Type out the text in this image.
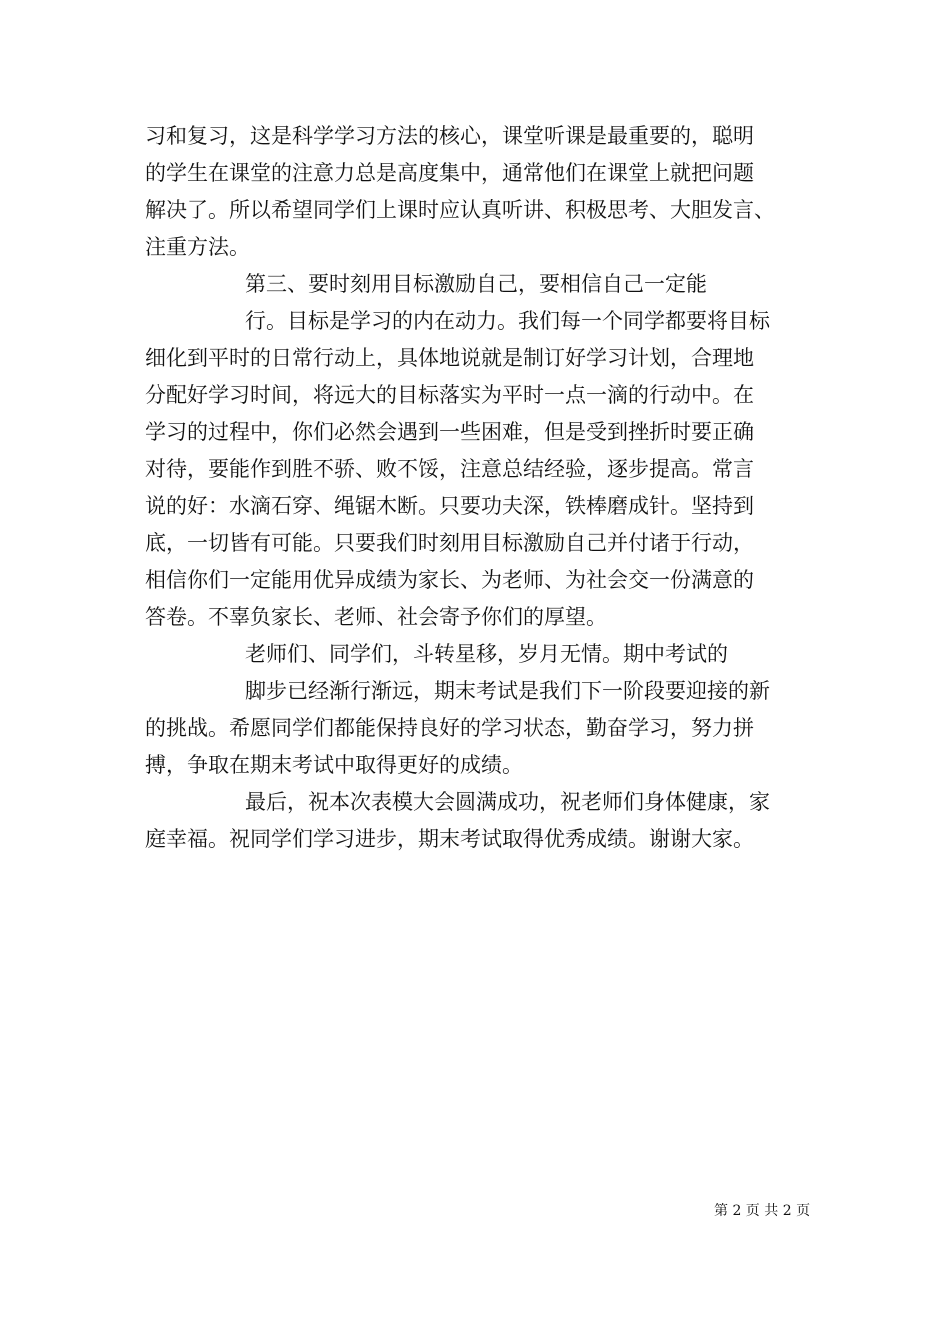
习和复习，这是科学学习方法的核心，课堂听课是最重要的，聪明
的学生在课堂的注意力总是高度集中，通常他们在课堂上就把问题
解决了。所以希望同学们上课时应认真听讲、积极思考、大胆发言、
注重方法。
第三、要时刻用目标激励自己，要相信自己一定能
行。目标是学习的内在动力。我们每一个同学都要将目标
细化到平时的日常行动上，具体地说就是制订好学习计划，合理地
分配好学习时间，将远大的目标落实为平时一点一滴的行动中。在
学习的过程中，你们必然会遇到一些困难，但是受到挫折时要正确
对待，要能作到胜不骄、败不馁，注意总结经验，逐步提高。常言
说的好：水滴石穿、绳锯木断。只要功夫深，铁棒磨成针。坚持到
底，一切皆有可能。只要我们时刻用目标激励自己并付诸于行动，
相信你们一定能用优异成绩为家长、为老师、为社会交一份满意的
答卷。不辜负家长、老师、社会寄予你们的厚望。
老师们、同学们，斗转星移，岁月无情。期中考试的
脚步已经渐行渐远，期末考试是我们下一阶段要迎接的新
的挑战。希愿同学们都能保持良好的学习状态，勤奋学习，努力拼
搏，争取在期末考试中取得更好的成绩。
最后，祝本次表模大会圆满成功，祝老师们身体健康，家
庭幸福。祝同学们学习进步，期末考试取得优秀成绩。谢谢大家。
第 2 页 共 2 页
